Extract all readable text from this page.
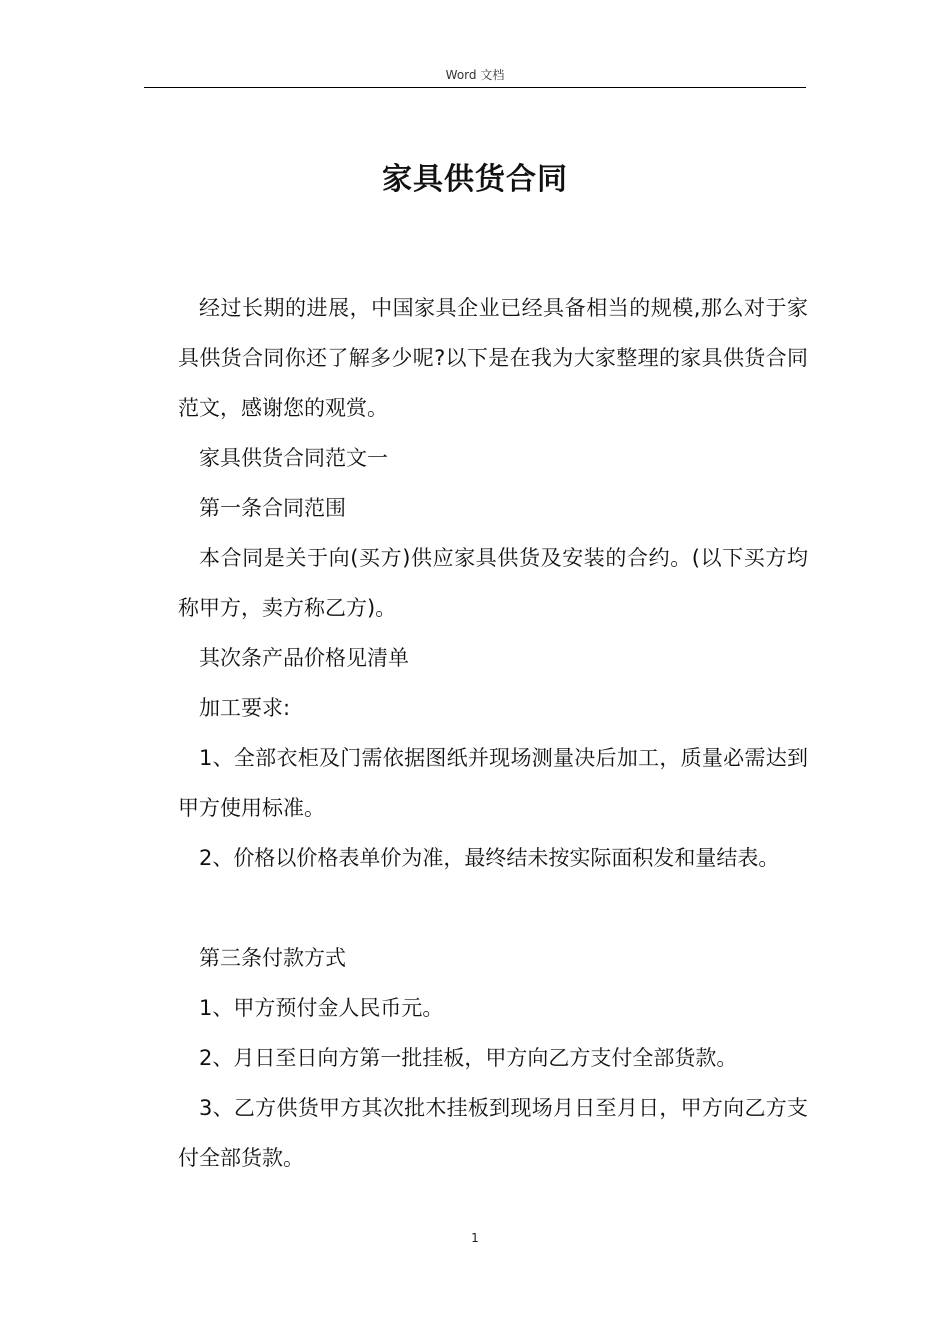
Word 文档
家具供货合同

经过长期的进展，中国家具企业已经具备相当的规模,那么对于家具供货合同你还了解多少呢?以下是在我为大家整理的家具供货合同范文，感谢您的观赏。

家具供货合同范文一

第一条合同范围

本合同是关于向(买方)供应家具供货及安装的合约。(以下买方均称甲方，卖方称乙方)。

其次条产品价格见清单

加工要求:

1、全部衣柜及门需依据图纸并现场测量决后加工，质量必需达到甲方使用标准。

2、价格以价格表单价为准，最终结未按实际面积发和量结表。

第三条付款方式

1、甲方预付金人民币元。

2、月日至日向方第一批挂板，甲方向乙方支付全部货款。

3、乙方供货甲方其次批木挂板到现场月日至月日，甲方向乙方支付全部货款。

1
